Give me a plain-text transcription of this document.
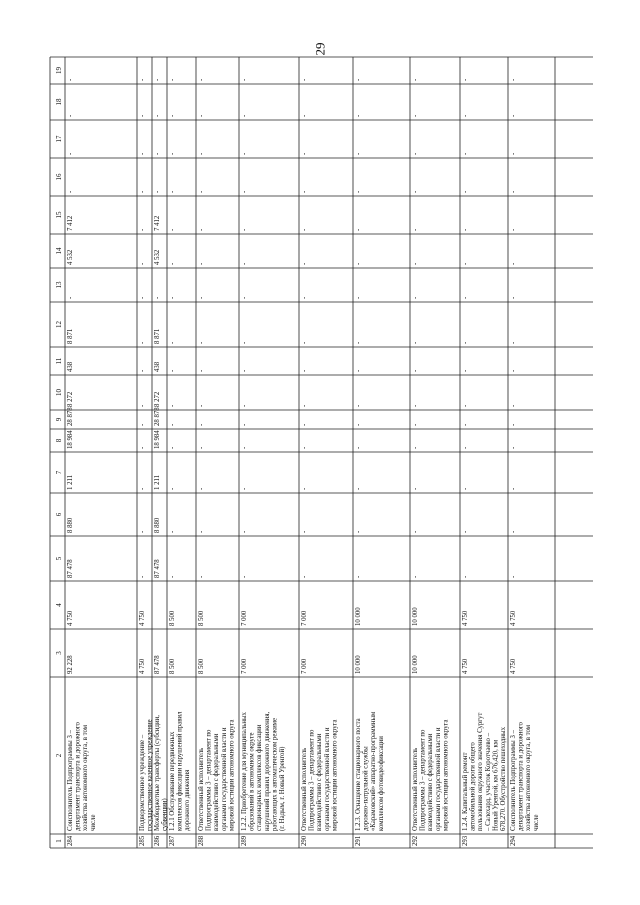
29
1
2
3
4
5
6
7
8
9
10
11
12
13
14
15
16
17
18
19
284
Соисполнитель Подпрограммы 3 – департамент транспорта и дорожного хозяйства автономного округа, в том числе
92 228
4 750
87 478
8 880
1 211
18 984
28 878
8 272
438
8 871
-
4 532
7 412
-
-
-
-
285
Подведомственное учреждение – государственное казенное учреждение
4 750
4 750
-
-
-
-
-
-
-
-
-
-
-
-
-
-
-
286
Межбюджетные трансферты (субсидии, субвенции)
87 478
87 478
8 880
1 211
18 984
28 878
8 272
438
8 871
-
4 532
7 412
-
-
-
-
287
1.2.1 Обслуживание передвижных комплексов фиксации нарушений правил дорожного движения
8 500
8 500
-
-
-
-
-
-
-
-
-
-
-
-
-
-
-
288
Ответственный исполнитель Подпрограммы 3 – департамент по взаимодействию с федеральными органами государственной власти и мировой юстиции автономного округа
8 500
8 500
-
-
-
-
-
-
-
-
-
-
-
-
-
-
-
289
1.2.2. Приобретение для муниципальных образований в автономном округе стационарных комплексов фиксации нарушений правил дорожного движения, работающих в автоматическом режиме (г. Надым, г. Новый Уренгой)
7 000
7 000
-
-
-
-
-
-
-
-
-
-
-
-
-
-
-
290
Ответственный исполнитель Подпрограммы 3 – департамент по взаимодействию с федеральными органами государственной власти и мировой юстиции автономного округа
7 000
7 000
-
-
-
-
-
-
-
-
-
-
-
-
-
-
-
291
1.2.3. Оснащение стационарного поста дорожно-патрульной службы «Карамовский» аппаратно-программным комплексом фотовидеофиксации
10 000
10 000
-
-
-
-
-
-
-
-
-
-
-
-
-
-
-
292
Ответственный исполнитель Подпрограммы 3 – департамент по взаимодействию с федеральными органами государственной власти и мировой юстиции автономного округа
10 000
10 000
-
-
-
-
-
-
-
-
-
-
-
-
-
-
-
293
1.2.4. Капитальный ремонт автомобильной дороги общего пользования окружного значения Сургут – Салехард, участок Коротчаево – Новый Уренгой, км 676,420, км 678,270. Обустройство пешеходных
4 750
4 750
-
-
-
-
-
-
-
-
-
-
-
-
-
-
-
294
Соисполнитель Подпрограммы 3 – департамент транспорта и дорожного хозяйства автономного округа, в том числе
4 750
4 750
-
-
-
-
-
-
-
-
-
-
-
-
-
-
-
